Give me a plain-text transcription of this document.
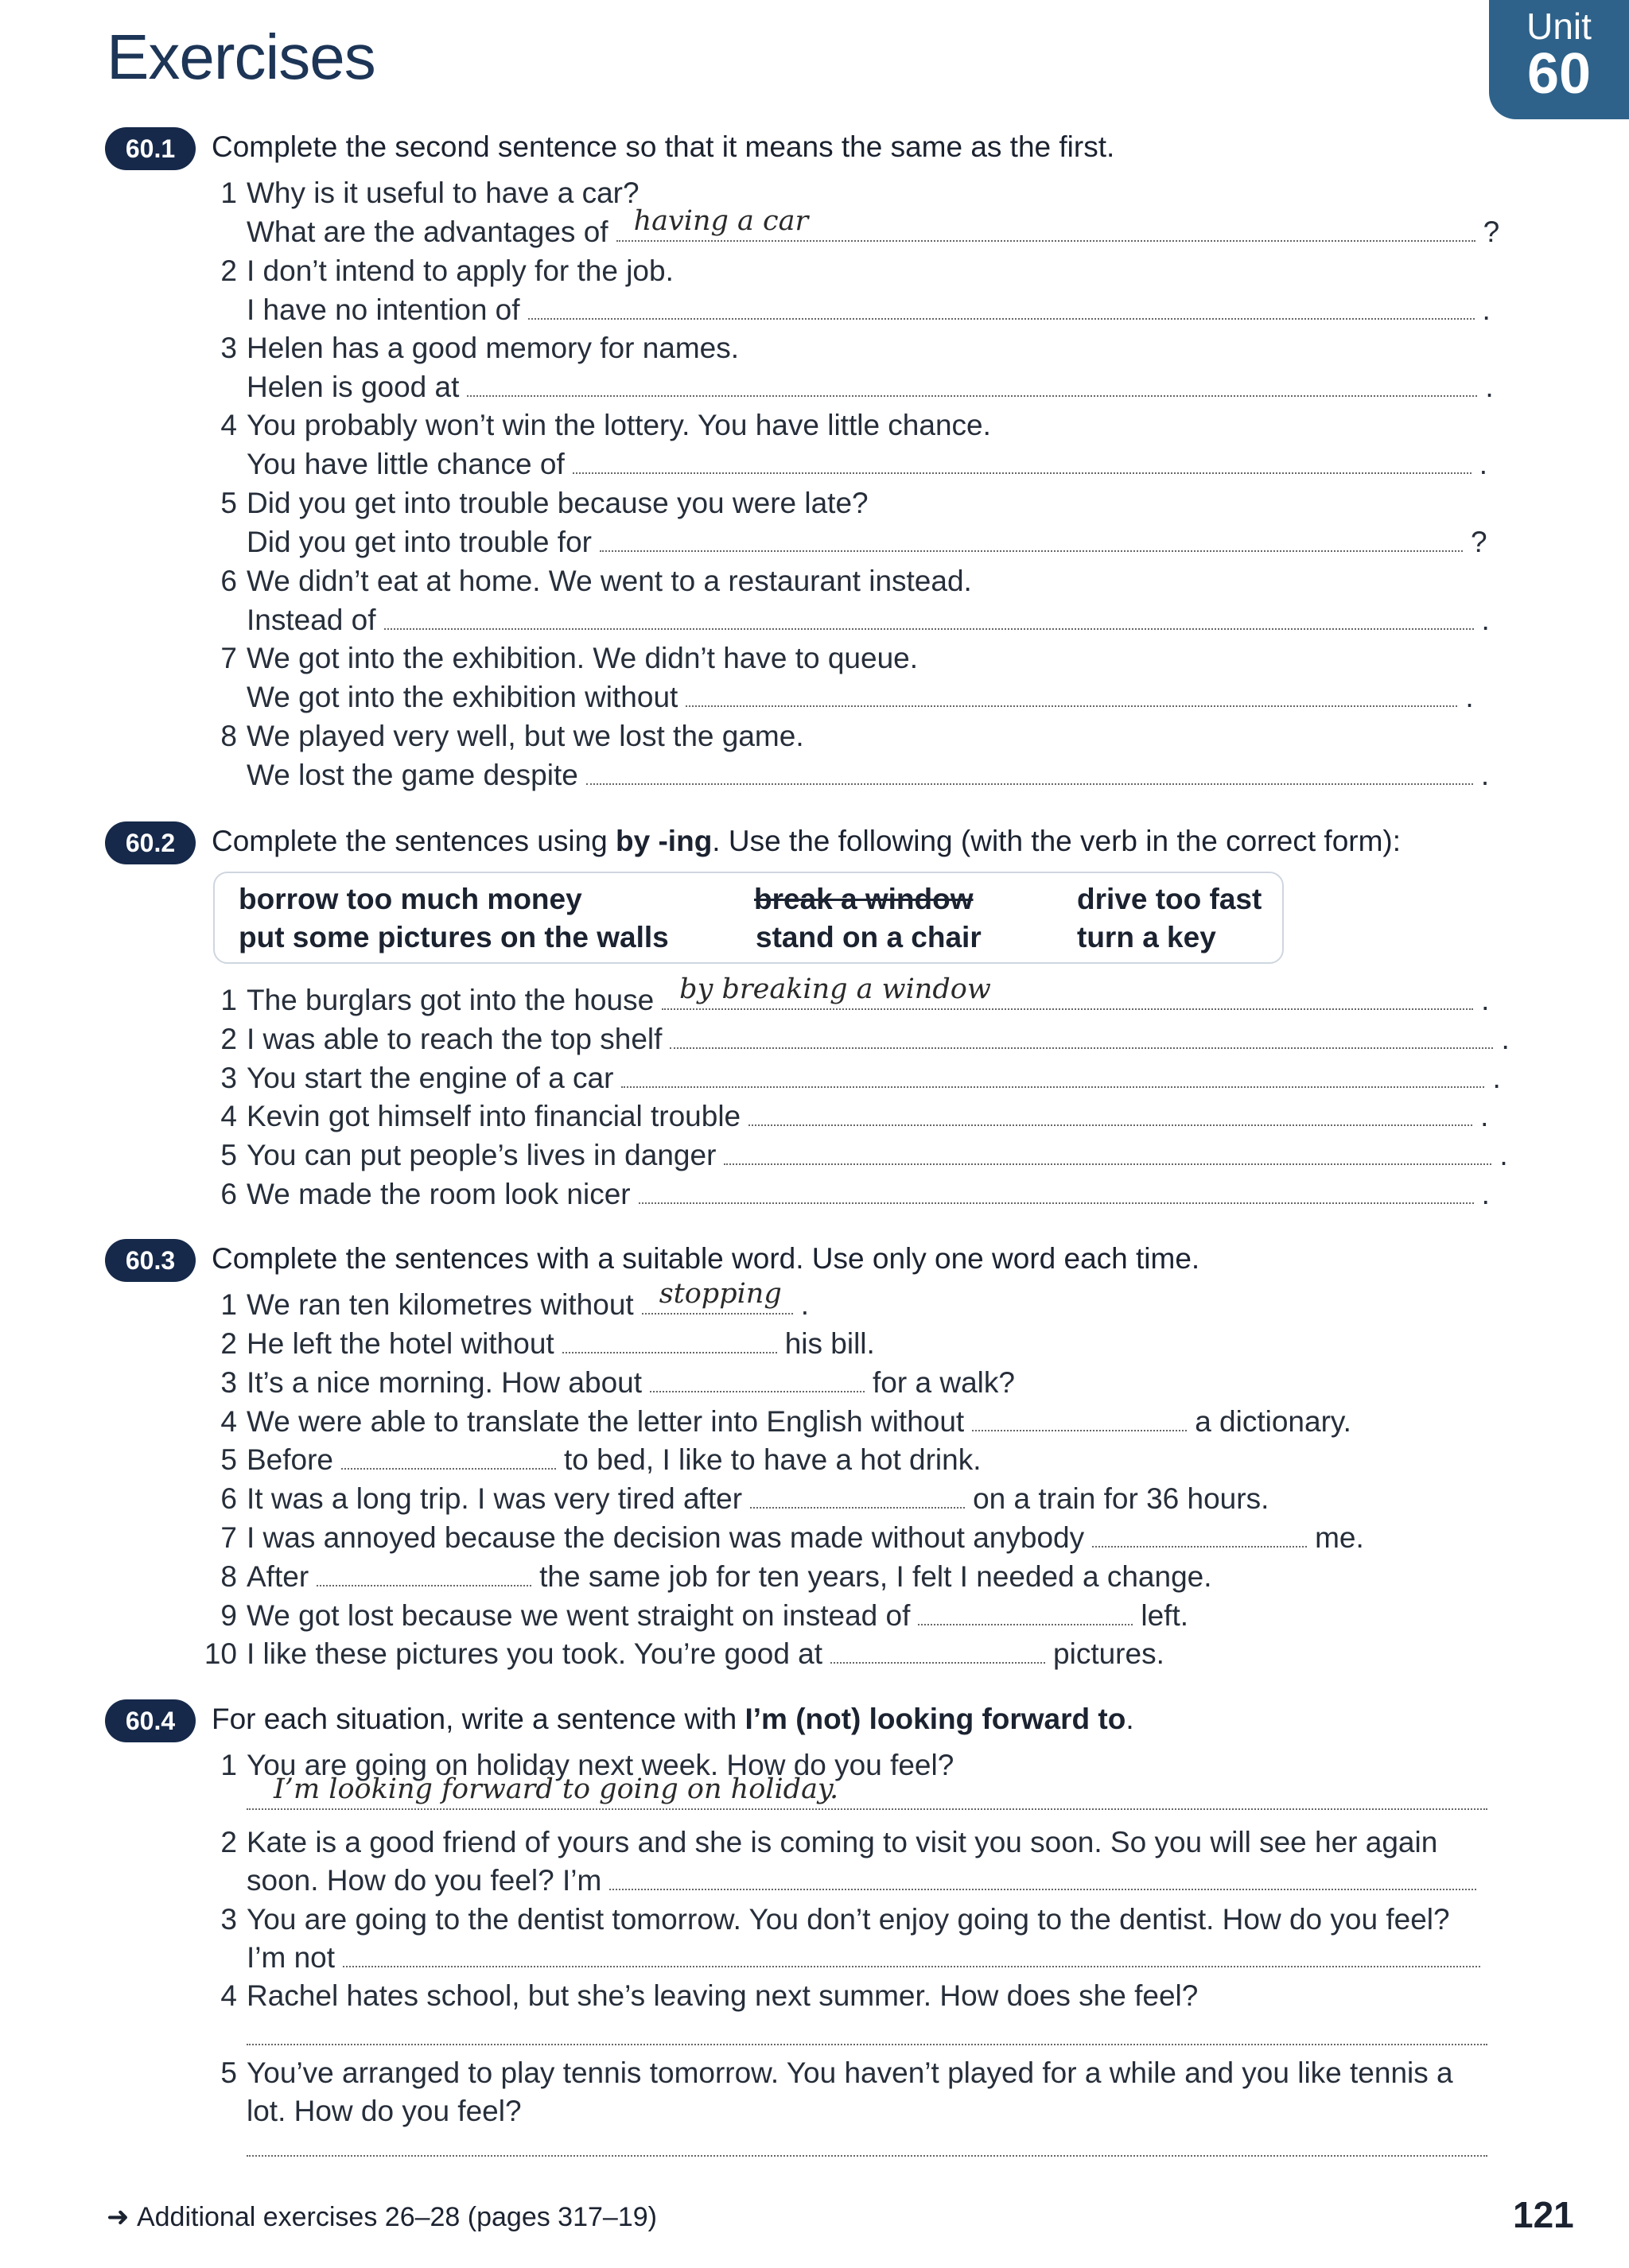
Exercises	Unit
60
60.1	Complete the second sentence so that it means the same as the first.
1 Why is it useful to have a car?
What are the advantages of having a car	?
2 I don’t intend to apply for the job.
I have no intention of	.
3 Helen has a good memory for names.
Helen is good at	.
4 You probably won’t win the lottery. You have little chance.
You have little chance of	.
5 Did you get into trouble because you were late?
Did you get into trouble for	?
6 We didn’t eat at home. We went to a restaurant instead.
Instead of	.
7 We got into the exhibition. We didn’t have to queue.
We got into the exhibition without	.
8 We played very well, but we lost the game.
We lost the game despite	.
60.2	Complete the sentences using by -ing. Use the following (with the verb in the correct form):
borrow too much money	break a window	drive too fast
put some pictures on the walls	stand on a chair	turn a key
1 The burglars got into the house by breaking a window	.
2 I was able to reach the top shelf	.
3 You start the engine of a car	.
4 Kevin got himself into financial trouble	.
5 You can put people’s lives in danger	.
6 We made the room look nicer	.
60.3	Complete the sentences with a suitable word. Use only one word each time.
1 We ran ten kilometres without stopping .
2 He left the hotel without	his bill.
3 It’s a nice morning. How about	for a walk?
4 We were able to translate the letter into English without	a dictionary.
5 Before	to bed, I like to have a hot drink.
6 It was a long trip. I was very tired after	on a train for 36 hours.
7 I was annoyed because the decision was made without anybody	me.
8 After	the same job for ten years, I felt I needed a change.
9 We got lost because we went straight on instead of	left.
10 I like these pictures you took. You’re good at	pictures.
60.4	For each situation, write a sentence with I’m (not) looking forward to.
1 You are going on holiday next week. How do you feel?
I’m looking forward to going on holiday.
2 Kate is a good friend of yours and she is coming to visit you soon. So you will see her again
soon. How do you feel? I’m
3 You are going to the dentist tomorrow. You don’t enjoy going to the dentist. How do you feel?
I’m not
4 Rachel hates school, but she’s leaving next summer. How does she feel?
5 You’ve arranged to play tennis tomorrow. You haven’t played for a while and you like tennis a
lot. How do you feel?
➜ Additional exercises 26–28 (pages 317–19)	121
